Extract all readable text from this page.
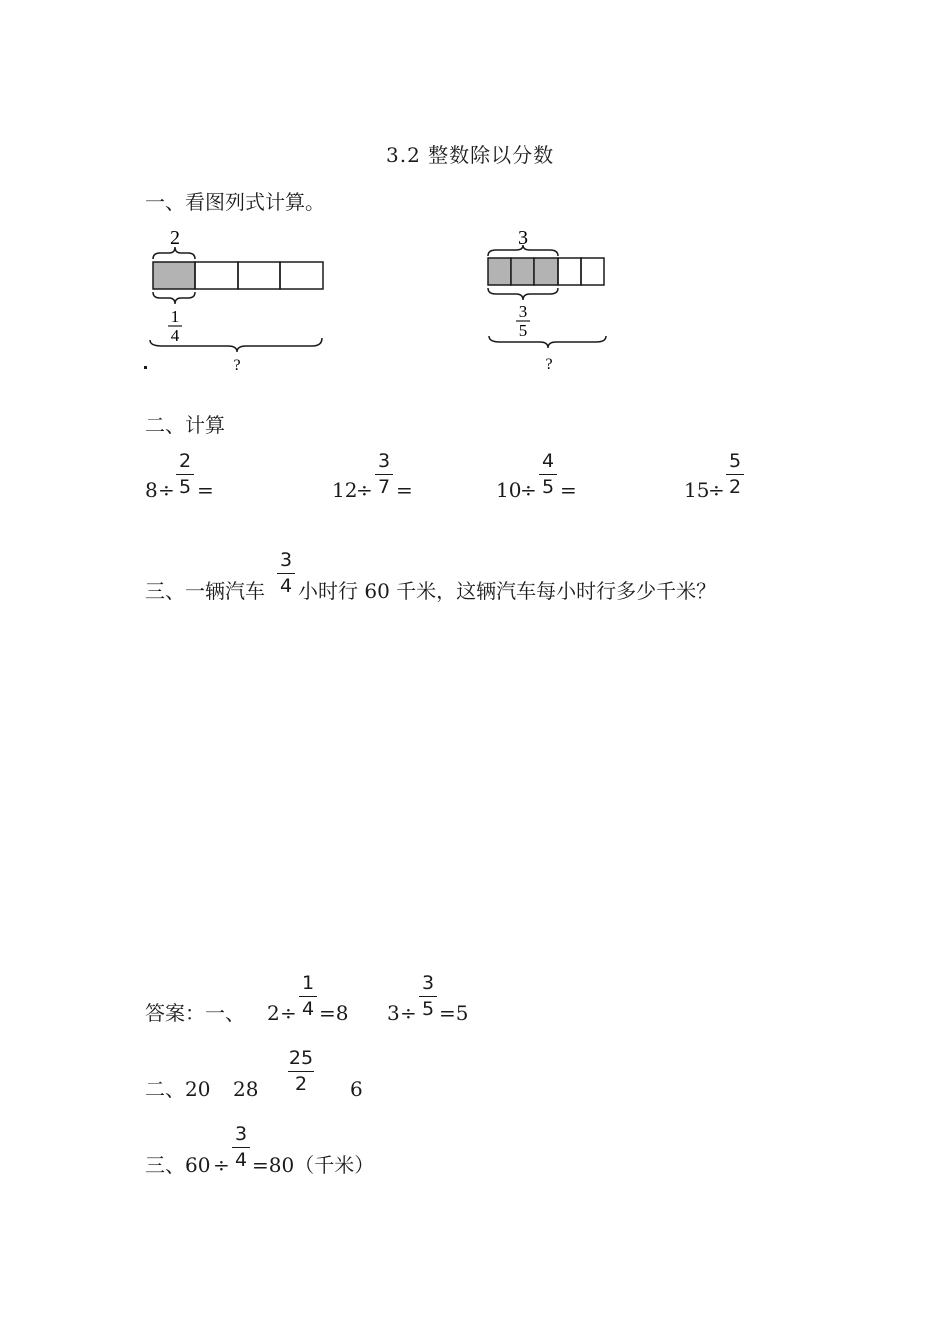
3.2 整数除以分数
一、看图列式计算。
2
1
4
?
3
3
5
?
二、计算
8 ÷
2
5 =	12
÷
3
7 =	10
÷
4
5 =	15
÷
5
2
三、一辆汽车
3
4 小时行 60 千米，这辆汽车每小时行多少千米？
答案：一、 2 ÷
1
4 =8 3 ÷
3
5 =5
二、20 28
25
2	6
三、60 ÷
3
4 =80（千米）
